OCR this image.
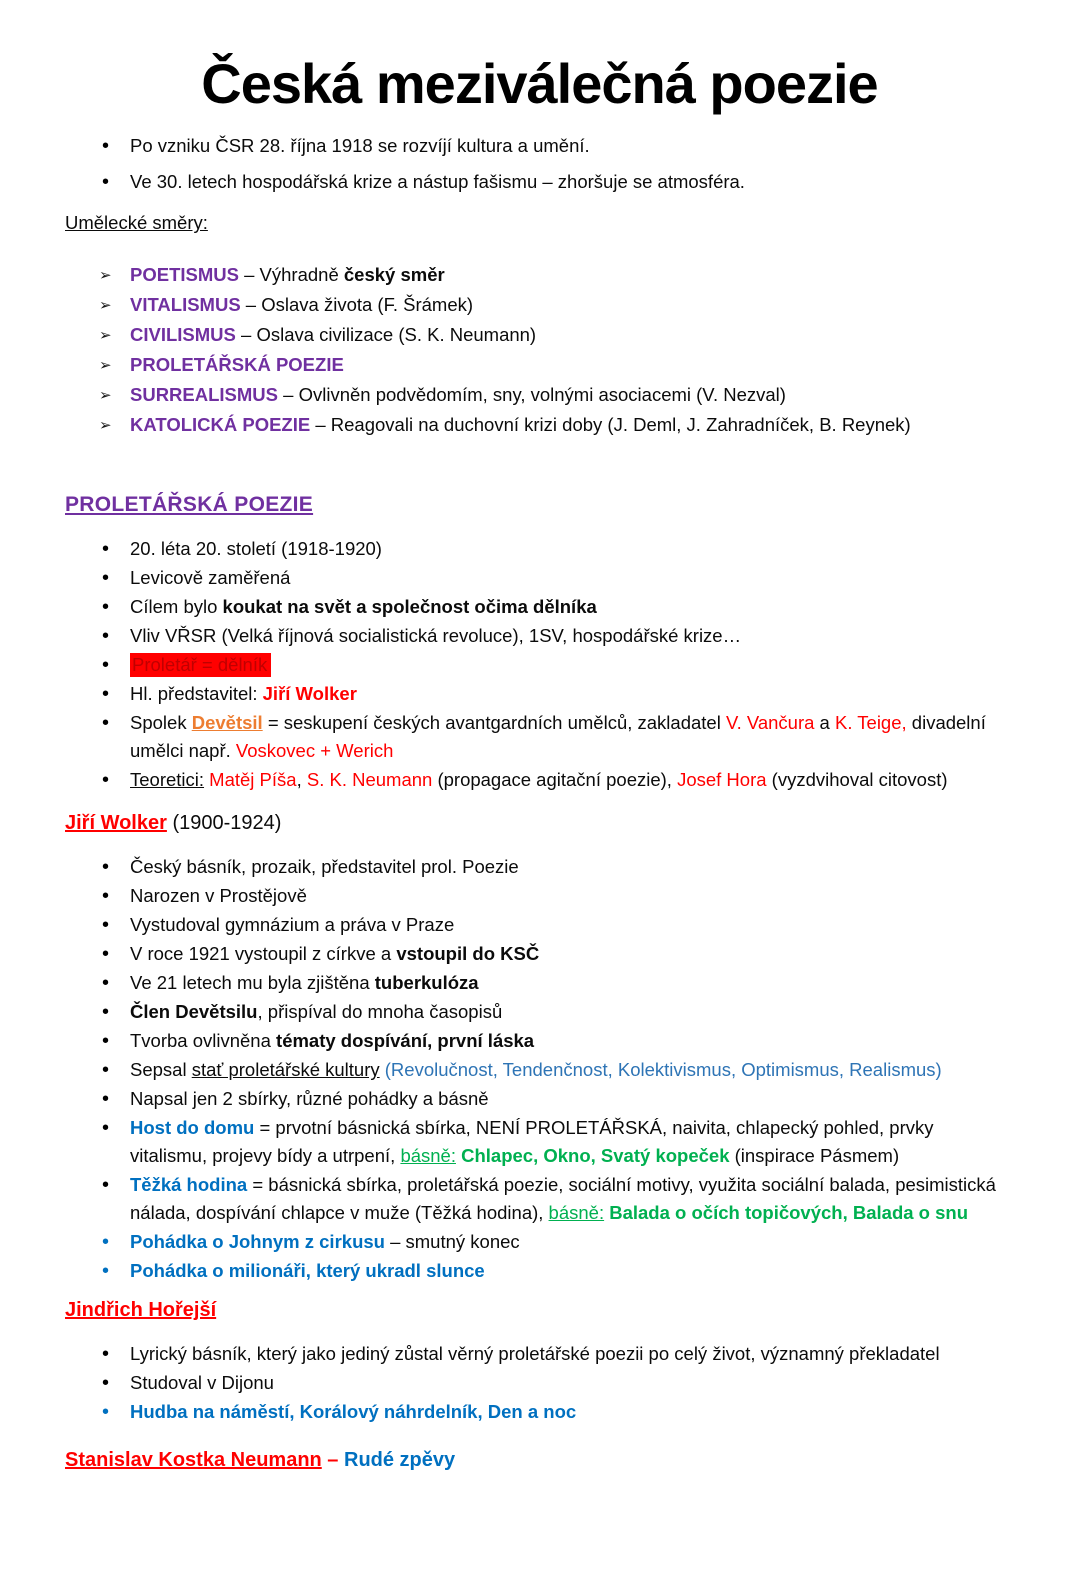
Česká meziválečná poezie
• Po vzniku ČSR 28. října 1918 se rozvíjí kultura a umění.
• Ve 30. letech hospodářská krize a nástup fašismu – zhoršuje se atmosféra.

Umělecké směry:

➢ POETISMUS – Výhradně český směr
➢ VITALISMUS – Oslava života (F. Šrámek)
➢ CIVILISMUS – Oslava civilizace (S. K. Neumann)
➢ PROLETÁŘSKÁ POEZIE
➢ SURREALISMUS – Ovlivněn podvědomím, sny, volnými asociacemi (V. Nezval)
➢ KATOLICKÁ POEZIE – Reagovali na duchovní krizi doby (J. Deml, J. Zahradníček, B. Reynek)
PROLETÁŘSKÁ POEZIE
• 20. léta 20. století (1918-1920)
• Levicově zaměřená
• Cílem bylo koukat na svět a společnost očima dělníka
• Vliv VŘSR (Velká říjnová socialistická revoluce), 1SV, hospodářské krize…
• Proletář = dělník
• Hl. představitel: Jiří Wolker
• Spolek Devětsil = seskupení českých avantgardních umělců, zakladatel V. Vančura a K. Teige, divadelní umělci např. Voskovec + Werich
• Teoretici: Matěj Píša, S. K. Neumann (propagace agitační poezie), Josef Hora (vyzdvihoval citovost)
Jiří Wolker (1900-1924)
• Český básník, prozaik, představitel prol. Poezie
• Narozen v Prostějově
• Vystudoval gymnázium a práva v Praze
• V roce 1921 vystoupil z církve a vstoupil do KSČ
• Ve 21 letech mu byla zjištěna tuberkulóza
• Člen Devětsilu, přispíval do mnoha časopisů
• Tvorba ovlivněna tématy dospívání, první láska
• Sepsal stať proletářské kultury (Revolučnost, Tendenčnost, Kolektivismus, Optimismus, Realismus)
• Napsal jen 2 sbírky, různé pohádky a básně
• Host do domu = prvotní básnická sbírka, NENÍ PROLETÁŘSKÁ, naivita, chlapecký pohled, prvky vitalismu, projevy bídy a utrpení, básně: Chlapec, Okno, Svatý kopeček (inspirace Pásmem)
• Těžká hodina = básnická sbírka, proletářská poezie, sociální motivy, využita sociální balada, pesimistická nálada, dospívání chlapce v muže (Těžká hodina), básně: Balada o očích topičových, Balada o snu
• Pohádka o Johnym z cirkusu – smutný konec
• Pohádka o milionáři, který ukradl slunce
Jindřich Hořejší
• Lyrický básník, který jako jediný zůstal věrný proletářské poezii po celý život, významný překladatel
• Studoval v Dijonu
• Hudba na náměstí, Korálový náhrdelník, Den a noc
Stanislav Kostka Neumann – Rudé zpěvy
